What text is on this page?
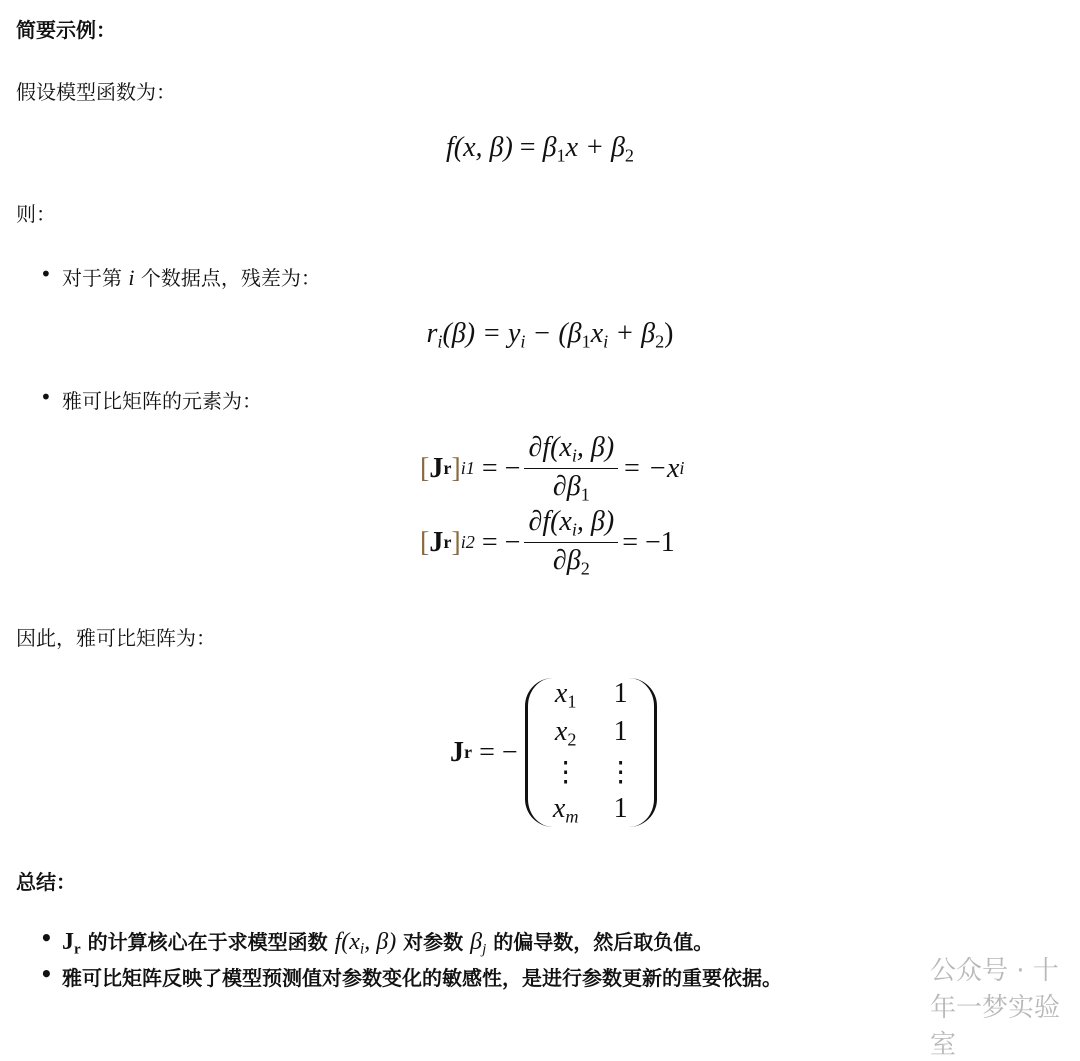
简要示例：
假设模型函数为：
f(x, $\beta) = \beta_1x + \beta_2$
则：
• 对于第 i 个数据点，残差为：
$r_i(\beta) = y_i - (\beta_1x_i + \beta_2)$
• 雅可比矩阵的元素为：
[ J r ] i1
= − $\frac{\partial f(x_i, \beta)}{\partial\beta_1} = -x$ i
[ J r ] i2
= − $\frac{\partial f(x_i, \beta)}{\partial\beta_2} = -1$
因此，雅可比矩阵为：
J r
= −

$x_1$	1
$x_2$	1
⋮ ⋮
$x_m$	1
总结：
• $J_r$ 的计算核心在于求模型函数 $f(x_i$, β) 对参数 $\beta_j$ 的偏导数，然后取负值。
• 雅可比矩阵反映了模型预测值对参数变化的敏感性，是进行参数更新的重要依据。	公众号 · 十年一梦实验室
